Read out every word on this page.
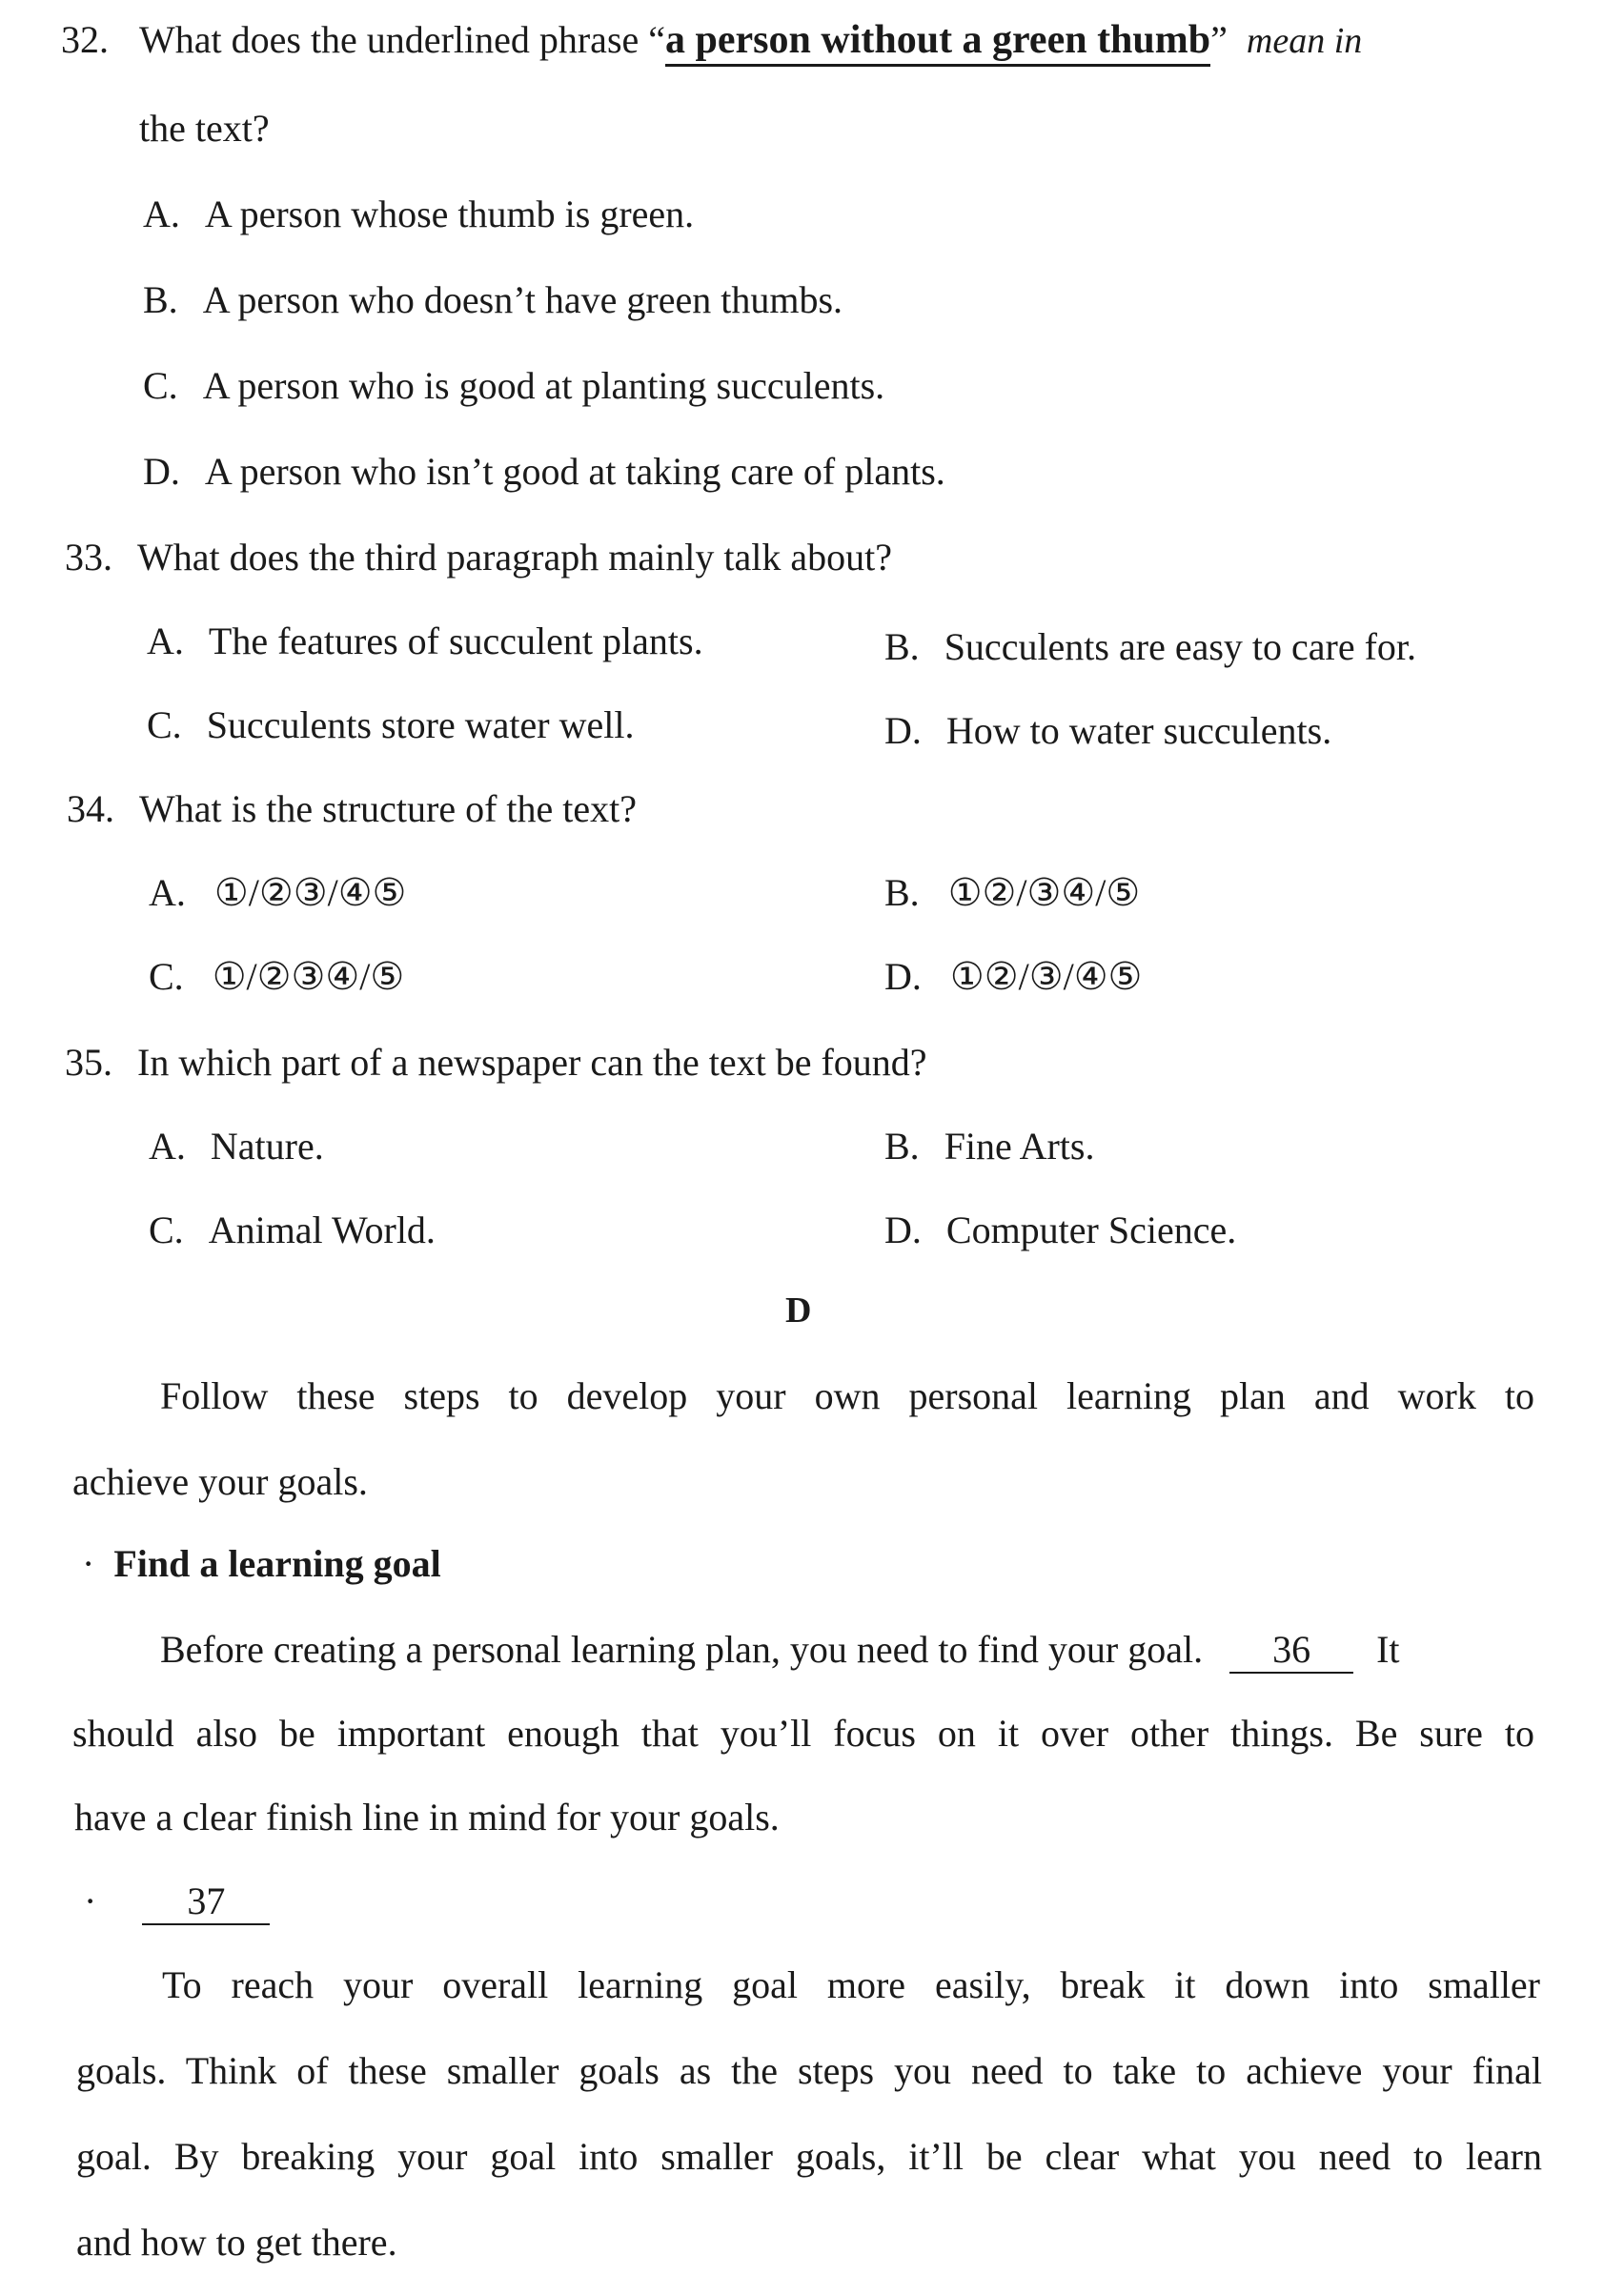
32. What does the underlined phrase “a person without a green thumb” mean in
the text?
A. A person whose thumb is green.
B. A person who doesn’t have green thumbs.
C. A person who is good at planting succulents.
D. A person who isn’t good at taking care of plants.
33. What does the third paragraph mainly talk about?
A. The features of succulent plants.	B. Succulents are easy to care for.
C. Succulents store water well.	D. How to water succulents.
34. What is the structure of the text?
A. ①/②③/④⑤	B. ①②/③④/⑤
C. ①/②③④/⑤	D. ①②/③/④⑤
35. In which part of a newspaper can the text be found?
A. Nature.	B. Fine Arts.
C. Animal World.	D. Computer Science.
D
Follow these steps to develop your own personal learning plan and work to
achieve your goals.
· Find a learning goal
Before creating a personal learning plan, you need to find your goal. 36 It
should also be important enough that you’ll focus on it over other things. Be sure to
have a clear finish line in mind for your goals.
· 37
To reach your overall learning goal more easily, break it down into smaller
goals. Think of these smaller goals as the steps you need to take to achieve your final
goal. By breaking your goal into smaller goals, it’ll be clear what you need to learn
and how to get there.
